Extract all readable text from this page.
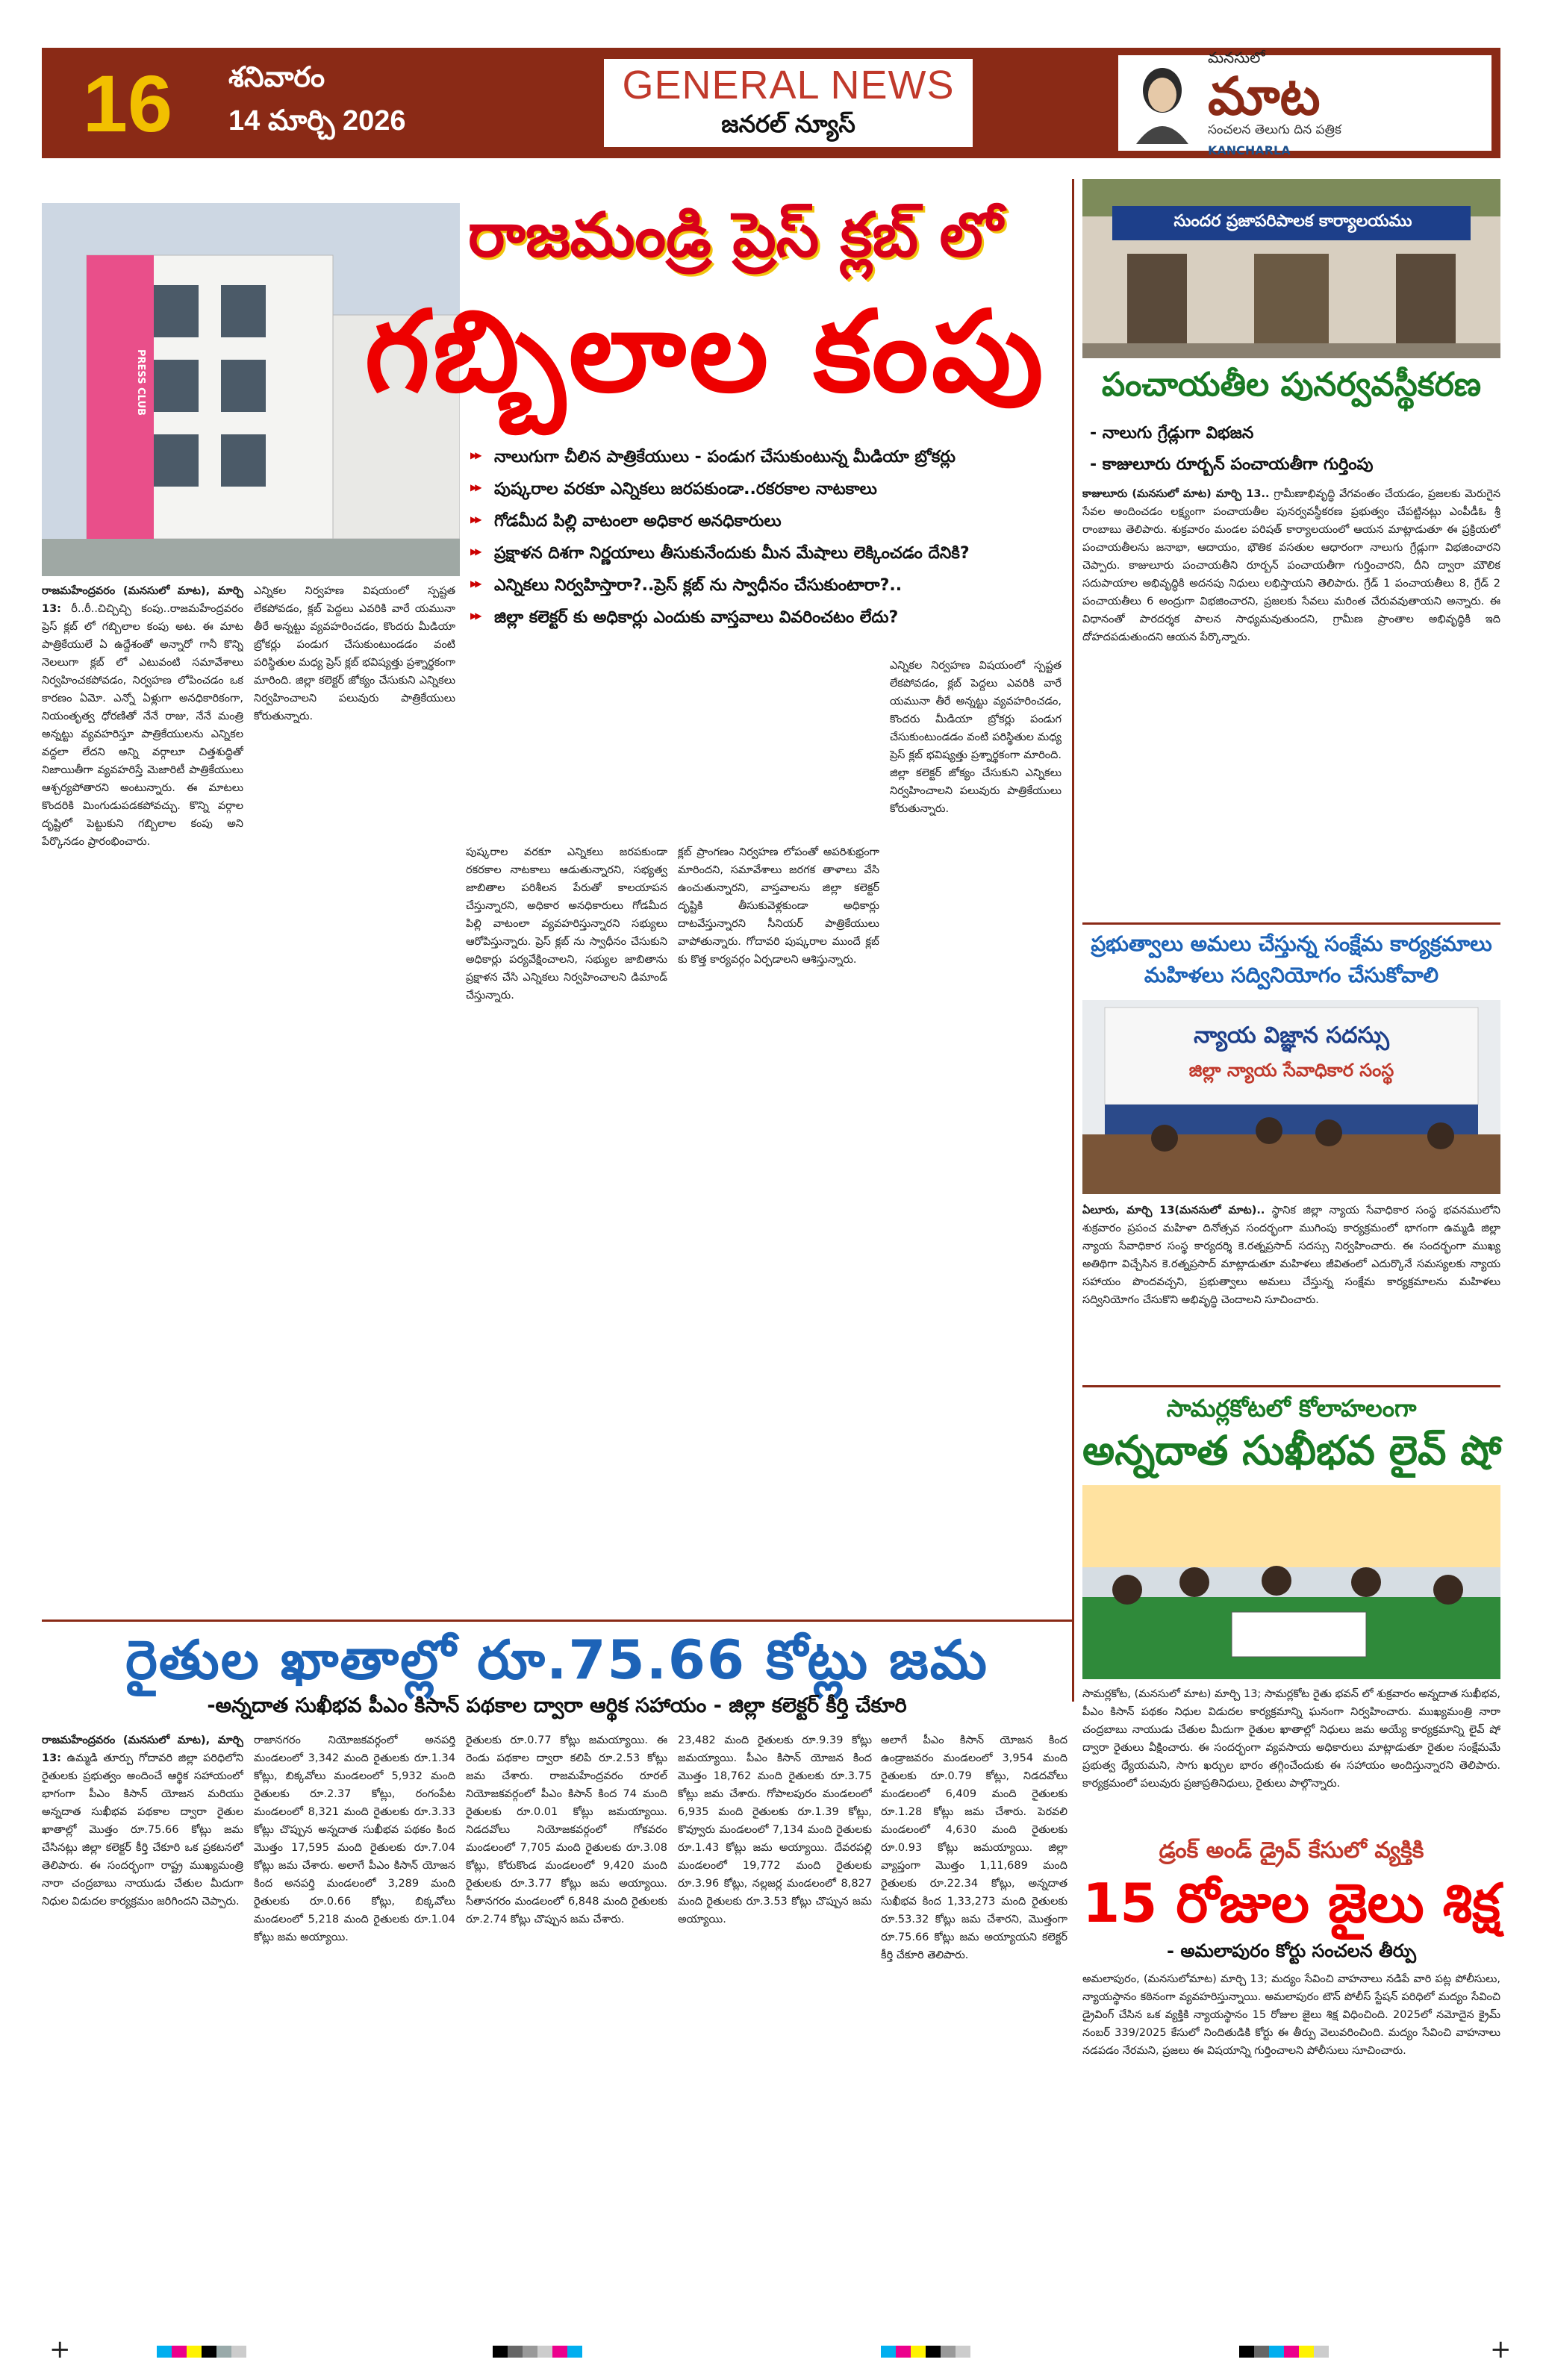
16	శనివారం
14 మార్చి 2026
GENERAL NEWS
జనరల్ న్యూస్
మనసులో
మాట
సంచలన తెలుగు దిన పత్రిక
KANCHARLA
PRESS CLUB
రాజమండ్రి ప్రెస్ క్లబ్ లో
గబ్బిలాల కంపు
▶▶ నాలుగుగా చీలిన పాత్రికేయులు - పండుగ చేసుకుంటున్న మీడియా బ్రోకర్లు
▶▶ పుష్కరాల వరకూ ఎన్నికలు జరపకుండా..రకరకాల నాటకాలు
▶▶ గోడమీద పిల్లి వాటంలా అధికార అనధికారులు
▶▶ ప్రక్షాళన దిశగా నిర్ణయాలు తీసుకునేందుకు మీన మేషాలు లెక్కించడం దేనికి?
▶▶ ఎన్నికలు నిర్వహిస్తారా?..ప్రెస్ క్లబ్ ను స్వాధీనం చేసుకుంటారా?..
▶▶ జిల్లా కలెక్టర్ కు అధికార్లు ఎందుకు వాస్తవాలు వివరించటం లేదు?

రాజమహేంద్రవరం (మనసులో మాట), మార్చి 13: రీ..రీ..చిచ్చిచ్చి కంపు..రాజమహేంద్రవరం ప్రెస్ క్లబ్ లో గబ్బిలాల కంపు అట. ఈ మాట పాత్రికేయులే ఏ ఉద్దేశంతో అన్నారో గానీ కొన్ని నెలలుగా క్లబ్ లో ఎటువంటి సమావేశాలు నిర్వహించకపోవడం, నిర్వహణ లోపించడం ఒక కారణం ఏమో. ఎన్నో ఏళ్లుగా అనధికారికంగా, నియంతృత్వ ధోరణితో నేనే రాజు, నేనే మంత్రి అన్నట్టు వ్యవహరిస్తూ పాత్రికేయులను ఎన్నికల వద్దలా లేదని అన్ని వర్గాలూ చిత్తశుద్ధితో నిజాయితీగా వ్యవహరిస్తే మెజారిటీ పాత్రికేయులు ఆశ్చర్యపోతారని అంటున్నారు. ఈ మాటలు కొందరికి మింగుడుపడకపోవచ్చు. కొన్ని వర్గాల దృష్టిలో పెట్టుకుని గబ్బిలాల కంపు అని పేర్కొనడం ప్రారంభించారు.

ఎన్నికల నిర్వహణ విషయంలో స్పష్టత లేకపోవడం, క్లబ్ పెద్దలు ఎవరికి వారే యమునా తీరే అన్నట్టు వ్యవహరించడం, కొందరు మీడియా బ్రోకర్లు పండుగ చేసుకుంటుండడం వంటి పరిస్థితుల మధ్య ప్రెస్ క్లబ్ భవిష్యత్తు ప్రశ్నార్థకంగా మారింది. జిల్లా కలెక్టర్ జోక్యం చేసుకుని ఎన్నికలు నిర్వహించాలని పలువురు పాత్రికేయులు కోరుతున్నారు.

పుష్కరాల వరకూ ఎన్నికలు జరపకుండా రకరకాల నాటకాలు ఆడుతున్నారని, సభ్యత్వ జాబితాల పరిశీలన పేరుతో కాలయాపన చేస్తున్నారని, అధికార అనధికారులు గోడమీద పిల్లి వాటంలా వ్యవహరిస్తున్నారని సభ్యులు ఆరోపిస్తున్నారు. ప్రెస్ క్లబ్ ను స్వాధీనం చేసుకుని అధికార్లు పర్యవేక్షించాలని, సభ్యుల జాబితాను ప్రక్షాళన చేసి ఎన్నికలు నిర్వహించాలని డిమాండ్ చేస్తున్నారు.

క్లబ్ ప్రాంగణం నిర్వహణ లోపంతో అపరిశుభ్రంగా మారిందని, సమావేశాలు జరగక తాళాలు వేసి ఉంచుతున్నారని, వాస్తవాలను జిల్లా కలెక్టర్ దృష్టికి తీసుకువెళ్లకుండా అధికార్లు దాటవేస్తున్నారని సీనియర్ పాత్రికేయులు వాపోతున్నారు. గోదావరి పుష్కరాల ముందే క్లబ్ కు కొత్త కార్యవర్గం ఏర్పడాలని ఆశిస్తున్నారు.

ఎన్నికల నిర్వహణ విషయంలో స్పష్టత లేకపోవడం, క్లబ్ పెద్దలు ఎవరికి వారే యమునా తీరే అన్నట్టు వ్యవహరించడం, కొందరు మీడియా బ్రోకర్లు పండుగ చేసుకుంటుండడం వంటి పరిస్థితుల మధ్య ప్రెస్ క్లబ్ భవిష్యత్తు ప్రశ్నార్థకంగా మారింది. జిల్లా కలెక్టర్ జోక్యం చేసుకుని ఎన్నికలు నిర్వహించాలని పలువురు పాత్రికేయులు కోరుతున్నారు.

సుందర ప్రజాపరిపాలక కార్యాలయము
పంచాయతీల పునర్వవస్థీకరణ
- నాలుగు గ్రేడ్లుగా విభజన
- కాజులూరు రూర్బన్ పంచాయతీగా గుర్తింపు

కాజులూరు (మనసులో మాట) మార్చి 13.. గ్రామీణాభివృద్ధి వేగవంతం చేయడం, ప్రజలకు మెరుగైన సేవల అందించడం లక్ష్యంగా పంచాయతీల పునర్వవస్థీకరణ ప్రభుత్వం చేపట్టినట్లు ఎంపీడీఓ శ్రీ రాంబాబు తెలిపారు. శుక్రవారం మండల పరిషత్ కార్యాలయంలో ఆయన మాట్లాడుతూ ఈ ప్రక్రియలో పంచాయతీలను జనాభా, ఆదాయం, భౌతిక వసతుల ఆధారంగా నాలుగు గ్రేడ్లుగా విభజించారని చెప్పారు. కాజులూరు పంచాయతీని రూర్బన్ పంచాయతీగా గుర్తించారని, దీని ద్వారా మౌలిక సదుపాయాల అభివృద్ధికి అదనపు నిధులు లభిస్తాయని తెలిపారు. గ్రేడ్ 1 పంచాయతీలు 8, గ్రేడ్ 2 పంచాయతీలు 6 అంద్రుగా విభజించారని, ప్రజలకు సేవలు మరింత చేరువవుతాయని అన్నారు. ఈ విధానంతో పారదర్శక పాలన సాధ్యమవుతుందని, గ్రామీణ ప్రాంతాల అభివృద్ధికి ఇది దోహదపడుతుందని ఆయన పేర్కొన్నారు.

ప్రభుత్వాలు అమలు చేస్తున్న సంక్షేమ కార్యక్రమాలు
మహిళలు సద్వినియోగం చేసుకోవాలి
న్యాయ విజ్ఞాన సదస్సు
జిల్లా న్యాయ సేవాధికార సంస్థ

ఏలూరు, మార్చి 13(మనసులో మాట).. స్థానిక జిల్లా న్యాయ సేవాధికార సంస్థ భవనములోని శుక్రవారం ప్రపంచ మహిళా దినోత్సవ సందర్భంగా ముగింపు కార్యక్రమంలో భాగంగా ఉమ్మడి జిల్లా న్యాయ సేవాధికార సంస్థ కార్యదర్శి కె.రత్నప్రసాద్ సదస్సు నిర్వహించారు. ఈ సందర్భంగా ముఖ్య అతిథిగా విచ్చేసిన కె.రత్నప్రసాద్ మాట్లాడుతూ మహిళలు జీవితంలో ఎదుర్కొనే సమస్యలకు న్యాయ సహాయం పొందవచ్చని, ప్రభుత్వాలు అమలు చేస్తున్న సంక్షేమ కార్యక్రమాలను మహిళలు సద్వినియోగం చేసుకొని అభివృద్ధి చెందాలని సూచించారు.

సామర్లకోటలో కోలాహలంగా
అన్నదాత సుఖీభవ లైవ్ షో
సామర్లకోట, (మనసులో మాట) మార్చి 13; సామర్లకోట రైతు భవన్ లో శుక్రవారం అన్నదాత సుఖీభవ, పీఎం కిసాన్ పథకం నిధుల విడుదల కార్యక్రమాన్ని ఘనంగా నిర్వహించారు. ముఖ్యమంత్రి నారా చంద్రబాబు నాయుడు చేతుల మీదుగా రైతుల ఖాతాల్లో నిధులు జమ అయ్యే కార్యక్రమాన్ని లైవ్ షో ద్వారా రైతులు వీక్షించారు. ఈ సందర్భంగా వ్యవసాయ అధికారులు మాట్లాడుతూ రైతుల సంక్షేమమే ప్రభుత్వ ధ్యేయమని, సాగు ఖర్చుల భారం తగ్గించేందుకు ఈ సహాయం అందిస్తున్నారని తెలిపారు. కార్యక్రమంలో పలువురు ప్రజాప్రతినిధులు, రైతులు పాల్గొన్నారు.
డ్రంక్ అండ్ డ్రైవ్ కేసులో వ్యక్తికి
రైతుల ఖాతాల్లో రూ.75.66 కోట్లు జమ
-అన్నదాత సుఖీభవ పీఎం కిసాన్ పథకాల ద్వారా ఆర్థిక సహాయం - జిల్లా కలెక్టర్ కీర్తి చేకూరి

రాజమహేంద్రవరం (మనసులో మాట), మార్చి 13: ఉమ్మడి తూర్పు గోదావరి జిల్లా పరిధిలోని రైతులకు ప్రభుత్వం అందించే ఆర్థిక సహాయంలో భాగంగా పీఎం కిసాన్ యోజన మరియు అన్నదాత సుఖీభవ పథకాల ద్వారా రైతుల ఖాతాల్లో మొత్తం రూ.75.66 కోట్లు జమ చేసినట్లు జిల్లా కలెక్టర్ కీర్తి చేకూరి ఒక ప్రకటనలో తెలిపారు. ఈ సందర్భంగా రాష్ట్ర ముఖ్యమంత్రి నారా చంద్రబాబు నాయుడు చేతుల మీదుగా నిధుల విడుదల కార్యక్రమం జరిగిందని చెప్పారు.

రాజానగరం నియోజకవర్గంలో అనపర్తి మండలంలో 3,342 మంది రైతులకు రూ.1.34 కోట్లు, బిక్కవోలు మండలంలో 5,932 మంది రైతులకు రూ.2.37 కోట్లు, రంగంపేట మండలంలో 8,321 మంది రైతులకు రూ.3.33 కోట్లు చొప్పున అన్నదాత సుఖీభవ పథకం కింద మొత్తం 17,595 మంది రైతులకు రూ.7.04 కోట్లు జమ చేశారు. అలాగే పీఎం కిసాన్ యోజన కింద అనపర్తి మండలంలో 3,289 మంది రైతులకు రూ.0.66 కోట్లు, బిక్కవోలు మండలంలో 5,218 మంది రైతులకు రూ.1.04 కోట్లు జమ అయ్యాయి.
రైతులకు రూ.0.77 కోట్లు జమయ్యాయి. ఈ రెండు పథకాల ద్వారా కలిపి రూ.2.53 కోట్లు జమ చేశారు. రాజమహేంద్రవరం రూరల్ నియోజకవర్గంలో పీఎం కిసాన్ కింద 74 మంది రైతులకు రూ.0.01 కోట్లు జమయ్యాయి. నిడదవోలు నియోజకవర్గంలో గోకవరం మండలంలో 7,705 మంది రైతులకు రూ.3.08 కోట్లు, కోరుకొండ మండలంలో 9,420 మంది రైతులకు రూ.3.77 కోట్లు జమ అయ్యాయి. సీతానగరం మండలంలో 6,848 మంది రైతులకు రూ.2.74 కోట్లు చొప్పున జమ చేశారు.
23,482 మంది రైతులకు రూ.9.39 కోట్లు జమయ్యాయి. పీఎం కిసాన్ యోజన కింద మొత్తం 18,762 మంది రైతులకు రూ.3.75 కోట్లు జమ చేశారు. గోపాలపురం మండలంలో 6,935 మంది రైతులకు రూ.1.39 కోట్లు, కొవ్వూరు మండలంలో 7,134 మంది రైతులకు రూ.1.43 కోట్లు జమ అయ్యాయి. దేవరపల్లి మండలంలో 19,772 మంది రైతులకు రూ.3.96 కోట్లు, నల్లజర్ల మండలంలో 8,827 మంది రైతులకు రూ.3.53 కోట్లు చొప్పున జమ అయ్యాయి.
అలాగే పీఎం కిసాన్ యోజన కింద ఉండ్రాజవరం మండలంలో 3,954 మంది రైతులకు రూ.0.79 కోట్లు, నిడదవోలు మండలంలో 6,409 మంది రైతులకు రూ.1.28 కోట్లు జమ చేశారు. పెరవలి మండలంలో 4,630 మంది రైతులకు రూ.0.93 కోట్లు జమయ్యాయి. జిల్లా వ్యాప్తంగా మొత్తం 1,11,689 మంది రైతులకు రూ.22.34 కోట్లు, అన్నదాత సుఖీభవ కింద 1,33,273 మంది రైతులకు రూ.53.32 కోట్లు జమ చేశారని, మొత్తంగా రూ.75.66 కోట్లు జమ అయ్యాయని కలెక్టర్ కీర్తి చేకూరి తెలిపారు.
15 రోజుల జైలు శిక్ష
- అమలాపురం కోర్టు సంచలన తీర్పు
అమలాపురం, (మనసులోమాట) మార్చి 13; మద్యం సేవించి వాహనాలు నడిపే వారి పట్ల పోలీసులు, న్యాయస్థానం కఠినంగా వ్యవహరిస్తున్నాయి. అమలాపురం టౌన్ పోలీస్ స్టేషన్ పరిధిలో మద్యం సేవించి డ్రైవింగ్ చేసిన ఒక వ్యక్తికి న్యాయస్థానం 15 రోజుల జైలు శిక్ష విధించింది. 2025లో నమోదైన క్రైమ్ నంబర్ 339/2025 కేసులో నిందితుడికి కోర్టు ఈ తీర్పు వెలువరించింది. మద్యం సేవించి వాహనాలు నడపడం నేరమని, ప్రజలు ఈ విషయాన్ని గుర్తించాలని పోలీసులు సూచించారు.
+	+
